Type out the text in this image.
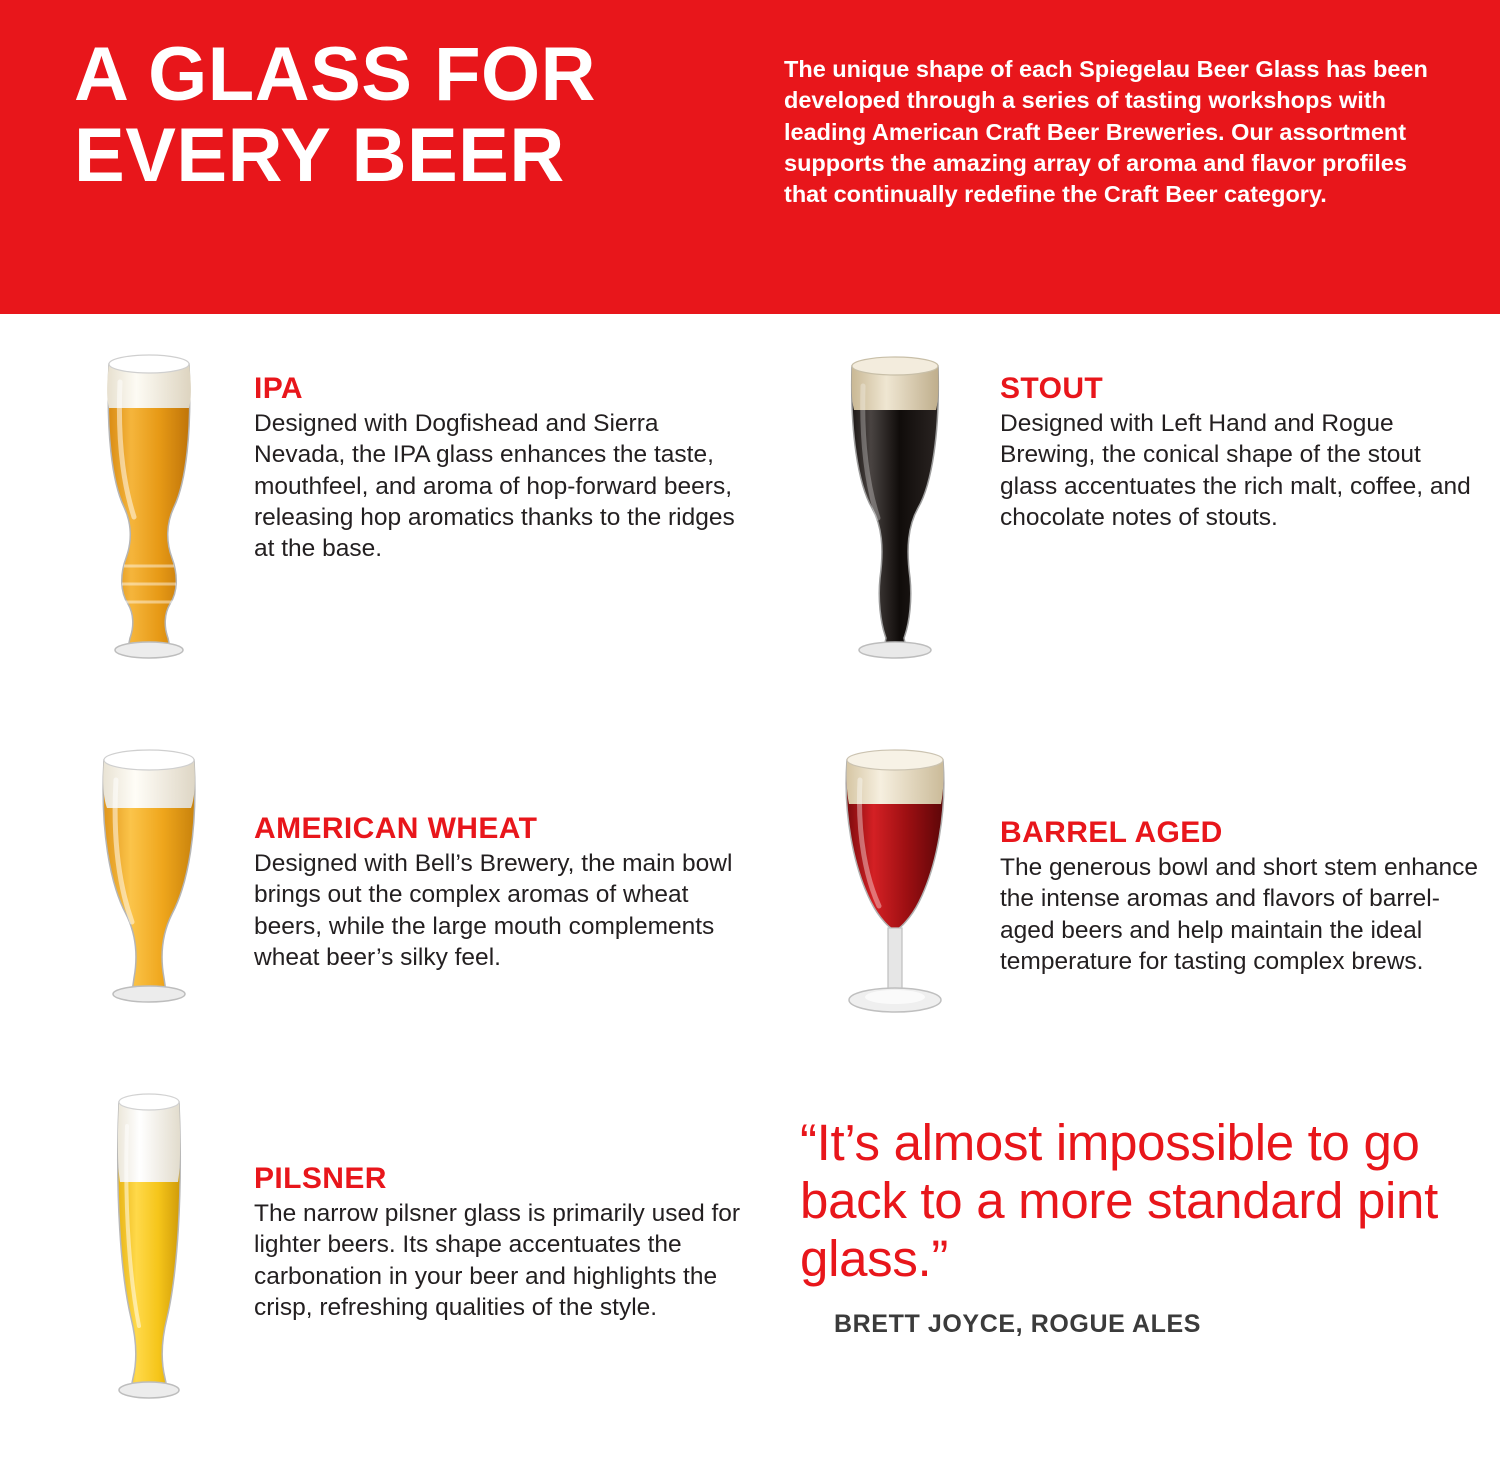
A GLASS FOR
EVERY BEER

The unique shape of each Spiegelau Beer Glass has been developed through a series of tasting workshops with leading American Craft Beer Breweries. Our assortment supports the amazing array of aroma and flavor profiles that continually redefine the Craft Beer category.

IPA

Designed with Dogfishead and Sierra Nevada, the IPA glass enhances the taste, mouthfeel, and aroma of hop-forward beers, releasing hop aromatics thanks to the ridges at the base.

STOUT

Designed with Left Hand and Rogue Brewing, the conical shape of the stout glass accentuates the rich malt, coffee, and chocolate notes of stouts.

AMERICAN WHEAT

Designed with Bell’s Brewery, the main bowl brings out the complex aromas of wheat beers, while the large mouth complements wheat beer’s silky feel.

BARREL AGED

The generous bowl and short stem enhance the intense aromas and flavors of barrel-aged beers and help maintain the ideal temperature for tasting complex brews.

PILSNER

The narrow pilsner glass is primarily used for lighter beers. Its shape accentuates the carbonation in your beer and highlights the crisp, refreshing qualities of the style.

“It’s almost impossible to go back to a more standard pint glass.”

BRETT JOYCE, ROGUE ALES
